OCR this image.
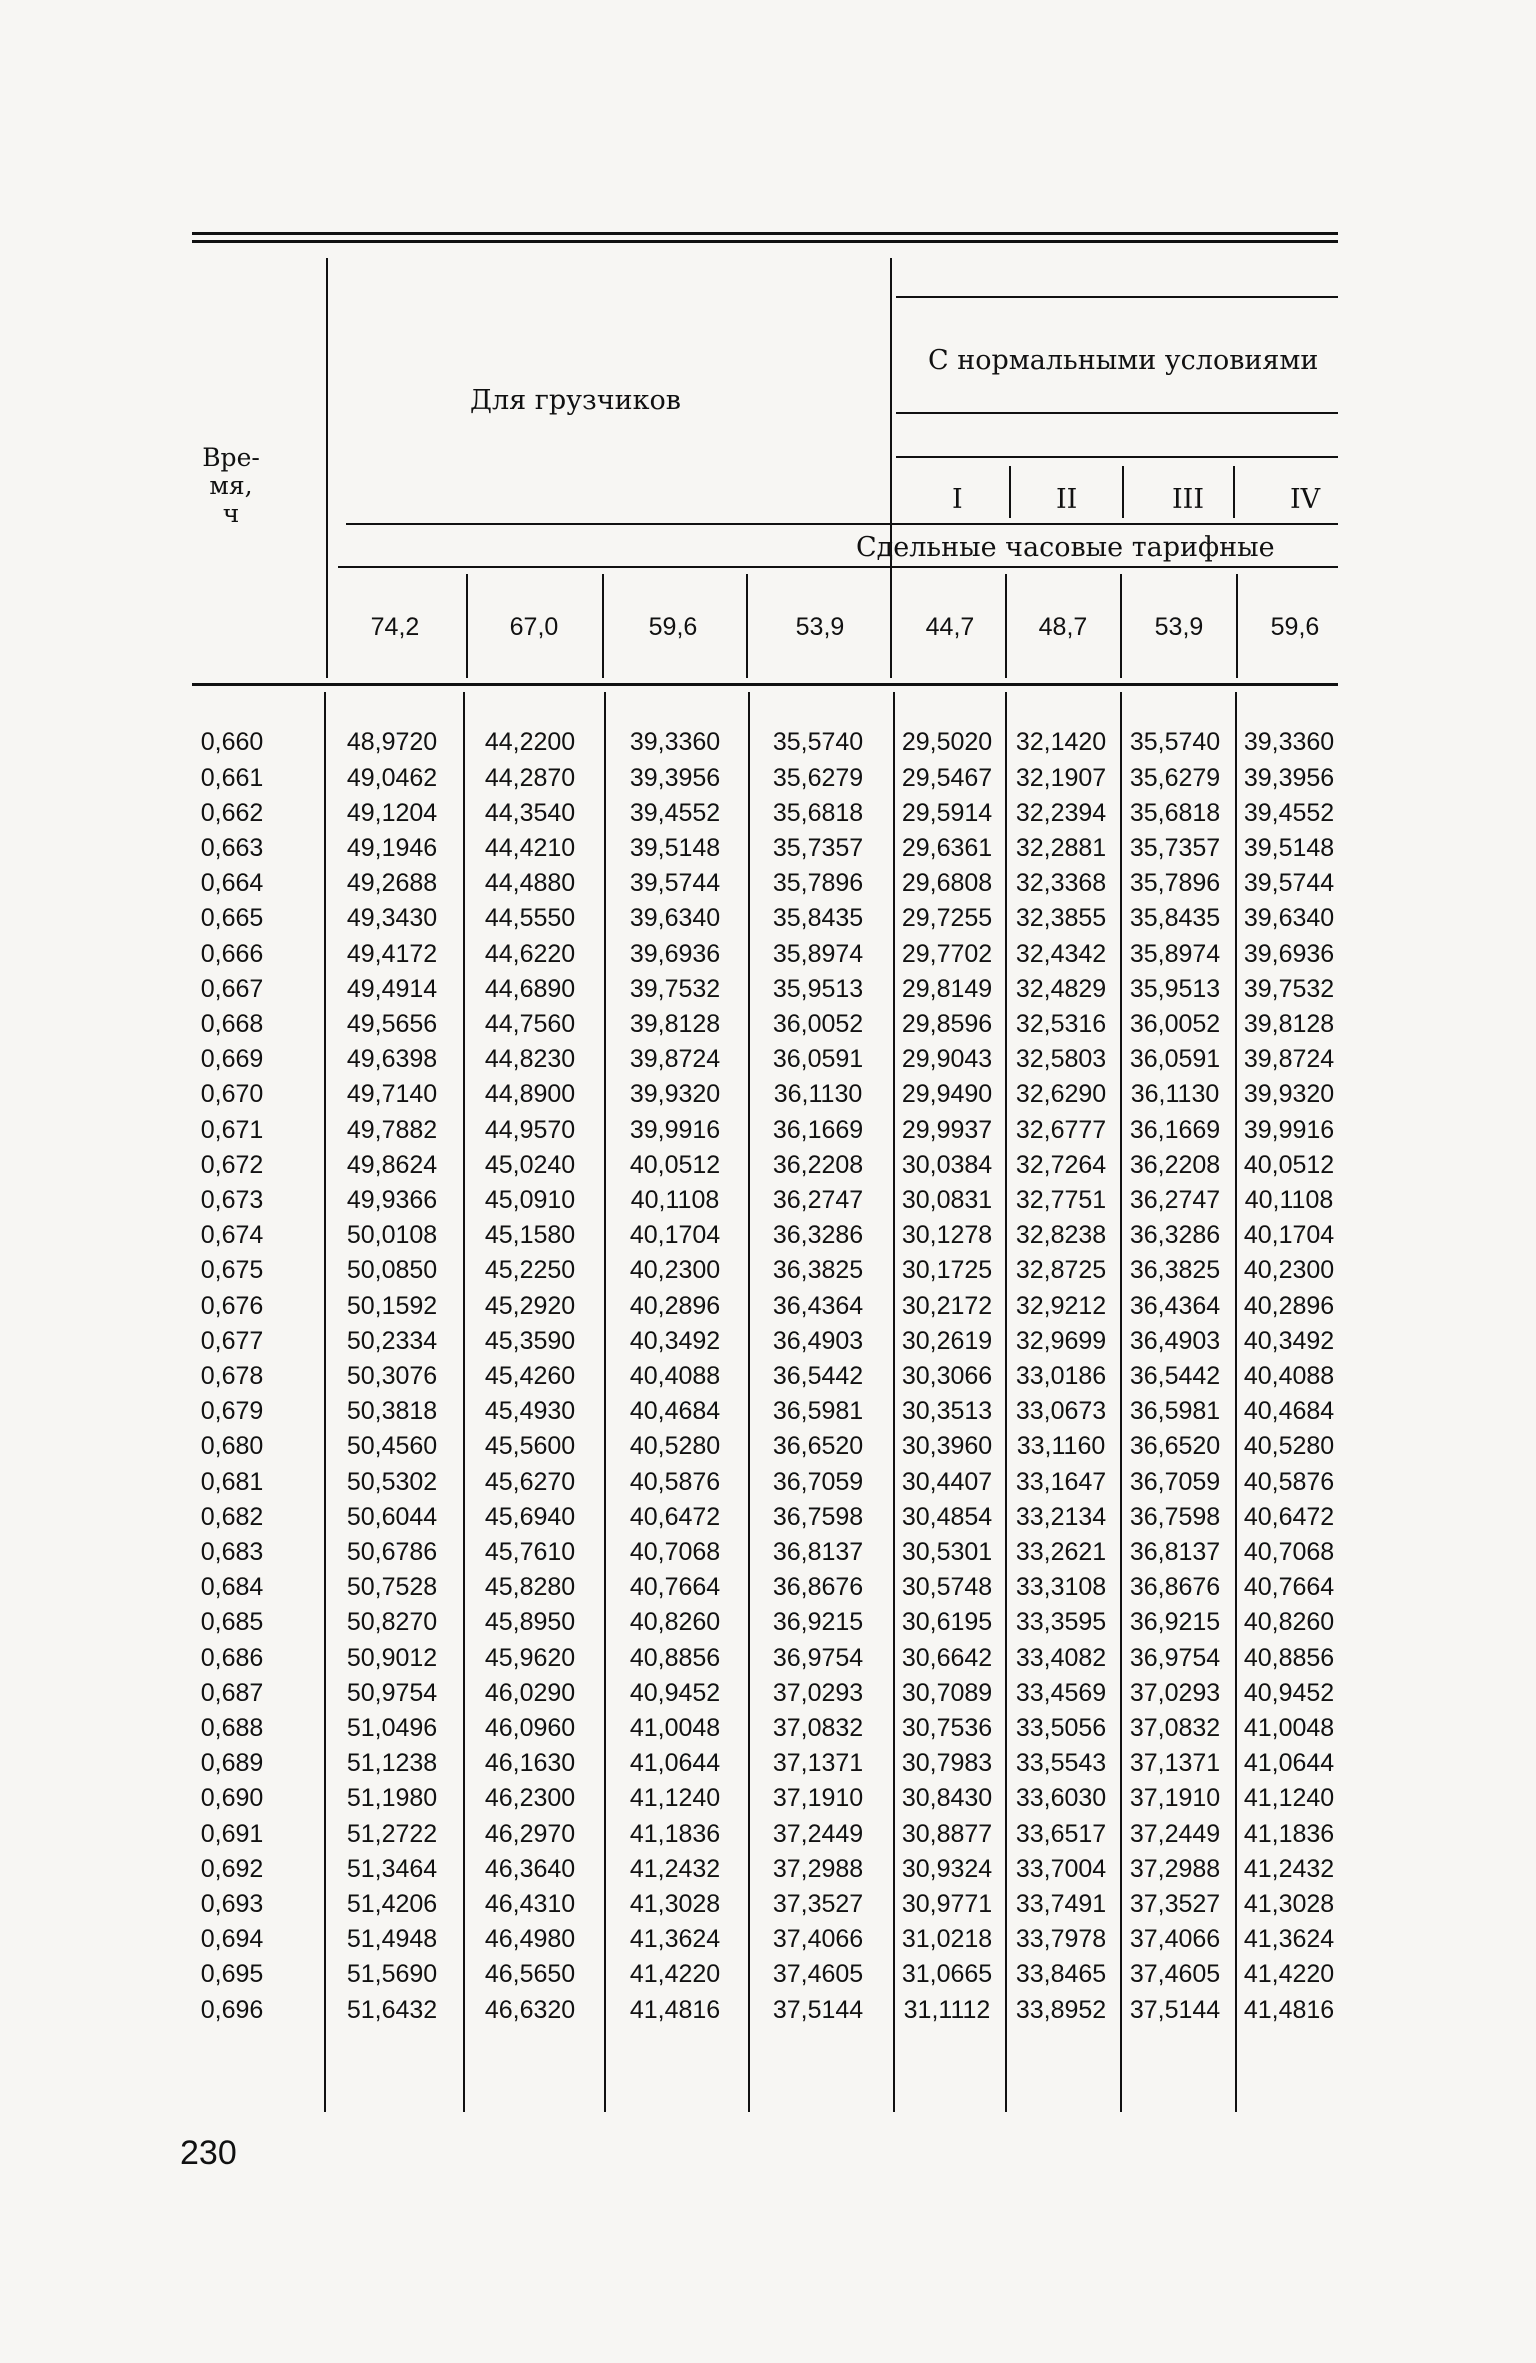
С нормальными условиями
I	II	III	IV
Для грузчиков
Вре-
мя,
ч
Сдельные часовые тарифные
74,2	67,0	59,6	53,9	44,7	48,7	53,9	59,6
0,660	48,9720	44,2200	39,3360	35,5740	29,5020 32,1420 35,5740 39,3360
0,661	49,0462	44,2870	39,3956	35,6279	29,5467 32,1907 35,6279 39,3956
0,662	49,1204	44,3540	39,4552	35,6818	29,5914 32,2394 35,6818 39,4552
0,663	49,1946	44,4210	39,5148	35,7357	29,6361 32,2881 35,7357 39,5148
0,664	49,2688	44,4880	39,5744	35,7896	29,6808 32,3368 35,7896 39,5744
0,665	49,3430	44,5550	39,6340	35,8435	29,7255 32,3855 35,8435 39,6340
0,666	49,4172	44,6220	39,6936	35,8974	29,7702 32,4342 35,8974 39,6936
0,667	49,4914	44,6890	39,7532	35,9513	29,8149 32,4829 35,9513 39,7532
0,668	49,5656	44,7560	39,8128	36,0052	29,8596 32,5316 36,0052 39,8128
0,669	49,6398	44,8230	39,8724	36,0591	29,9043 32,5803 36,0591 39,8724
0,670	49,7140	44,8900	39,9320	36,1130	29,9490 32,6290 36,1130 39,9320
0,671	49,7882	44,9570	39,9916	36,1669	29,9937 32,6777 36,1669 39,9916
0,672	49,8624	45,0240	40,0512	36,2208	30,0384 32,7264 36,2208 40,0512
0,673	49,9366	45,0910	40,1108	36,2747	30,0831 32,7751 36,2747 40,1108
0,674	50,0108	45,1580	40,1704	36,3286	30,1278 32,8238 36,3286 40,1704
0,675	50,0850	45,2250	40,2300	36,3825	30,1725 32,8725 36,3825 40,2300
0,676	50,1592	45,2920	40,2896	36,4364	30,2172 32,9212 36,4364 40,2896
0,677	50,2334	45,3590	40,3492	36,4903	30,2619 32,9699 36,4903 40,3492
0,678	50,3076	45,4260	40,4088	36,5442	30,3066 33,0186 36,5442 40,4088
0,679	50,3818	45,4930	40,4684	36,5981	30,3513 33,0673 36,5981 40,4684
0,680	50,4560	45,5600	40,5280	36,6520	30,3960 33,1160 36,6520 40,5280
0,681	50,5302	45,6270	40,5876	36,7059	30,4407 33,1647 36,7059 40,5876
0,682	50,6044	45,6940	40,6472	36,7598	30,4854 33,2134 36,7598 40,6472
0,683	50,6786	45,7610	40,7068	36,8137	30,5301 33,2621 36,8137 40,7068
0,684	50,7528	45,8280	40,7664	36,8676	30,5748 33,3108 36,8676 40,7664
0,685	50,8270	45,8950	40,8260	36,9215	30,6195 33,3595 36,9215 40,8260
0,686	50,9012	45,9620	40,8856	36,9754	30,6642 33,4082 36,9754 40,8856
0,687	50,9754	46,0290	40,9452	37,0293	30,7089 33,4569 37,0293 40,9452
0,688	51,0496	46,0960	41,0048	37,0832	30,7536 33,5056 37,0832 41,0048
0,689	51,1238	46,1630	41,0644	37,1371	30,7983 33,5543 37,1371 41,0644
0,690	51,1980	46,2300	41,1240	37,1910	30,8430 33,6030 37,1910 41,1240
0,691	51,2722	46,2970	41,1836	37,2449	30,8877 33,6517 37,2449 41,1836
0,692	51,3464	46,3640	41,2432	37,2988	30,9324 33,7004 37,2988 41,2432
0,693	51,4206	46,4310	41,3028	37,3527	30,9771 33,7491 37,3527 41,3028
0,694	51,4948	46,4980	41,3624	37,4066	31,0218 33,7978 37,4066 41,3624
0,695	51,5690	46,5650	41,4220	37,4605	31,0665 33,8465 37,4605 41,4220
0,696	51,6432	46,6320	41,4816	37,5144	31,1112	33,8952 37,5144 41,4816
230
